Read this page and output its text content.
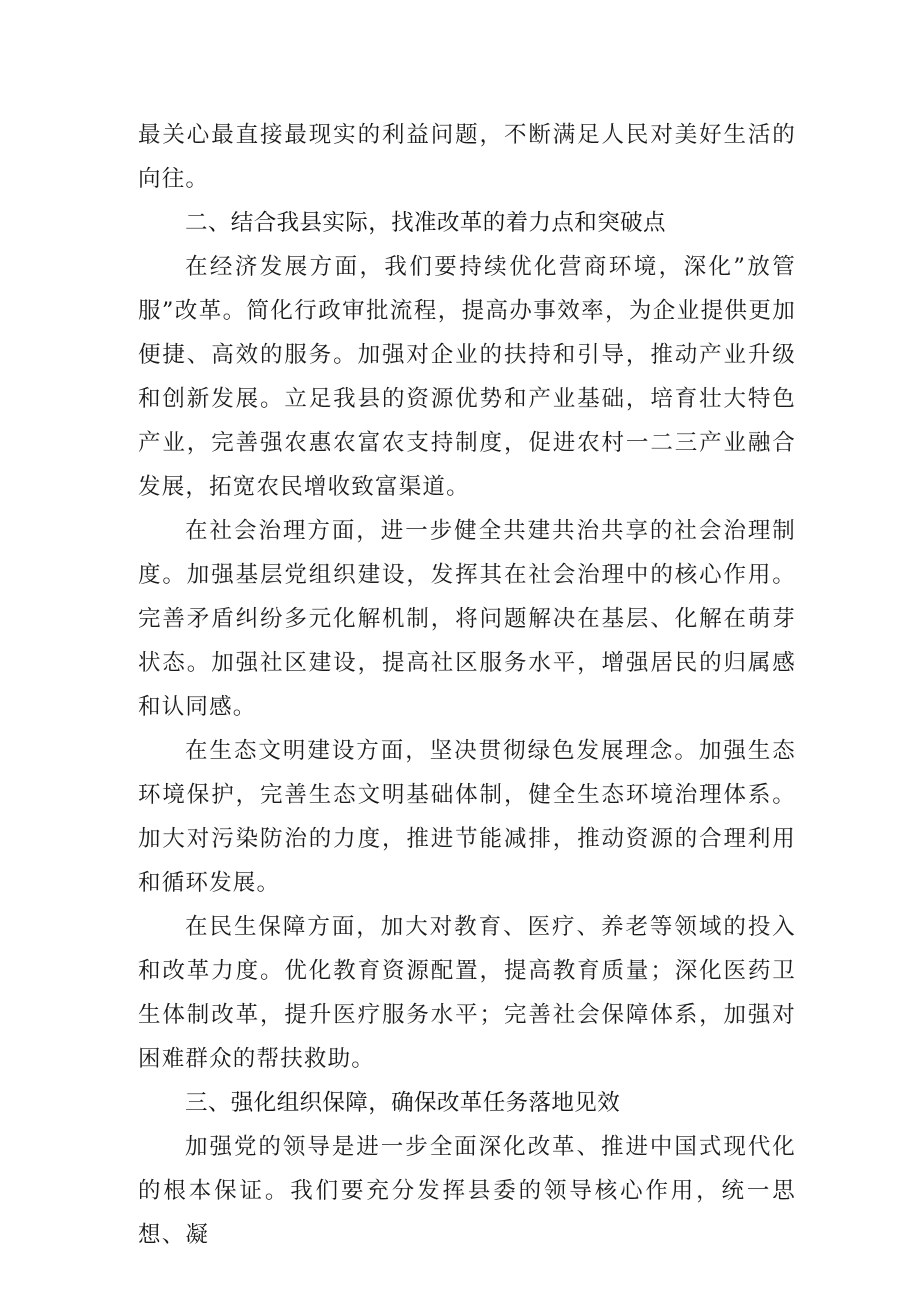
最关心最直接最现实的利益问题，不断满足人民对美好生活的向往。

二、结合我县实际，找准改革的着力点和突破点

在经济发展方面，我们要持续优化营商环境，深化”放管服”改革。简化行政审批流程，提高办事效率，为企业提供更加便捷、高效的服务。加强对企业的扶持和引导，推动产业升级和创新发展。立足我县的资源优势和产业基础，培育壮大特色产业，完善强农惠农富农支持制度，促进农村一二三产业融合发展，拓宽农民增收致富渠道。

在社会治理方面，进一步健全共建共治共享的社会治理制度。加强基层党组织建设，发挥其在社会治理中的核心作用。完善矛盾纠纷多元化解机制，将问题解决在基层、化解在萌芽状态。加强社区建设，提高社区服务水平，增强居民的归属感和认同感。

在生态文明建设方面，坚决贯彻绿色发展理念。加强生态环境保护，完善生态文明基础体制，健全生态环境治理体系。加大对污染防治的力度，推进节能减排，推动资源的合理利用和循环发展。

在民生保障方面，加大对教育、医疗、养老等领域的投入和改革力度。优化教育资源配置，提高教育质量；深化医药卫生体制改革，提升医疗服务水平；完善社会保障体系，加强对困难群众的帮扶救助。

三、强化组织保障，确保改革任务落地见效

加强党的领导是进一步全面深化改革、推进中国式现代化的根本保证。我们要充分发挥县委的领导核心作用，统一思想、凝
